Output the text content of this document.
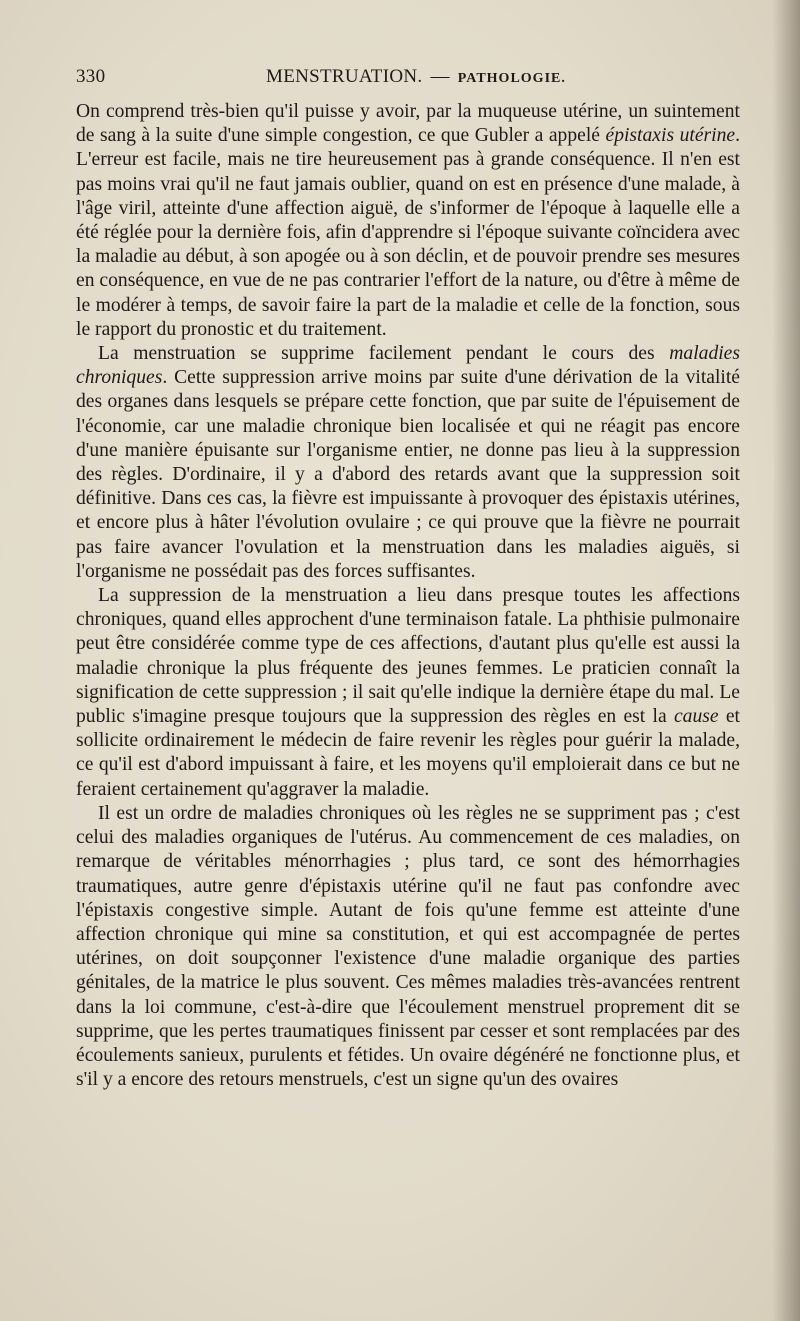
330	MENSTRUATION. — PATHOLOGIE.

On comprend très-bien qu'il puisse y avoir, par la muqueuse utérine, un suintement de sang à la suite d'une simple congestion, ce que Gubler a appelé épistaxis utérine. L'erreur est facile, mais ne tire heureusement pas à grande conséquence. Il n'en est pas moins vrai qu'il ne faut jamais oublier, quand on est en présence d'une malade, à l'âge viril, atteinte d'une affection aiguë, de s'informer de l'époque à laquelle elle a été réglée pour la dernière fois, afin d'apprendre si l'époque suivante coïncidera avec la maladie au début, à son apogée ou à son déclin, et de pouvoir prendre ses mesures en conséquence, en vue de ne pas contrarier l'effort de la nature, ou d'être à même de le modérer à temps, de savoir faire la part de la maladie et celle de la fonction, sous le rapport du pronostic et du traitement.

La menstruation se supprime facilement pendant le cours des maladies chroniques. Cette suppression arrive moins par suite d'une dérivation de la vitalité des organes dans lesquels se prépare cette fonction, que par suite de l'épuisement de l'économie, car une maladie chronique bien localisée et qui ne réagit pas encore d'une manière épuisante sur l'organisme entier, ne donne pas lieu à la suppression des règles. D'ordinaire, il y a d'abord des retards avant que la suppression soit définitive. Dans ces cas, la fièvre est impuissante à provoquer des épistaxis utérines, et encore plus à hâter l'évolution ovulaire ; ce qui prouve que la fièvre ne pourrait pas faire avancer l'ovulation et la menstruation dans les maladies aiguës, si l'organisme ne possédait pas des forces suffisantes.

La suppression de la menstruation a lieu dans presque toutes les affections chroniques, quand elles approchent d'une terminaison fatale. La phthisie pulmonaire peut être considérée comme type de ces affections, d'autant plus qu'elle est aussi la maladie chronique la plus fréquente des jeunes femmes. Le praticien connaît la signification de cette suppression ; il sait qu'elle indique la dernière étape du mal. Le public s'imagine presque toujours que la suppression des règles en est la cause et sollicite ordinairement le médecin de faire revenir les règles pour guérir la malade, ce qu'il est d'abord impuissant à faire, et les moyens qu'il emploierait dans ce but ne feraient certainement qu'aggraver la maladie.

Il est un ordre de maladies chroniques où les règles ne se suppriment pas ; c'est celui des maladies organiques de l'utérus. Au commencement de ces maladies, on remarque de véritables ménorrhagies ; plus tard, ce sont des hémorrhagies traumatiques, autre genre d'épistaxis utérine qu'il ne faut pas confondre avec l'épistaxis congestive simple. Autant de fois qu'une femme est atteinte d'une affection chronique qui mine sa constitution, et qui est accompagnée de pertes utérines, on doit soupçonner l'existence d'une maladie organique des parties génitales, de la matrice le plus souvent. Ces mêmes maladies très-avancées rentrent dans la loi commune, c'est-à-dire que l'écoulement menstruel proprement dit se supprime, que les pertes traumatiques finissent par cesser et sont remplacées par des écoulements sanieux, purulents et fétides. Un ovaire dégénéré ne fonctionne plus, et s'il y a encore des retours menstruels, c'est un signe qu'un des ovaires
